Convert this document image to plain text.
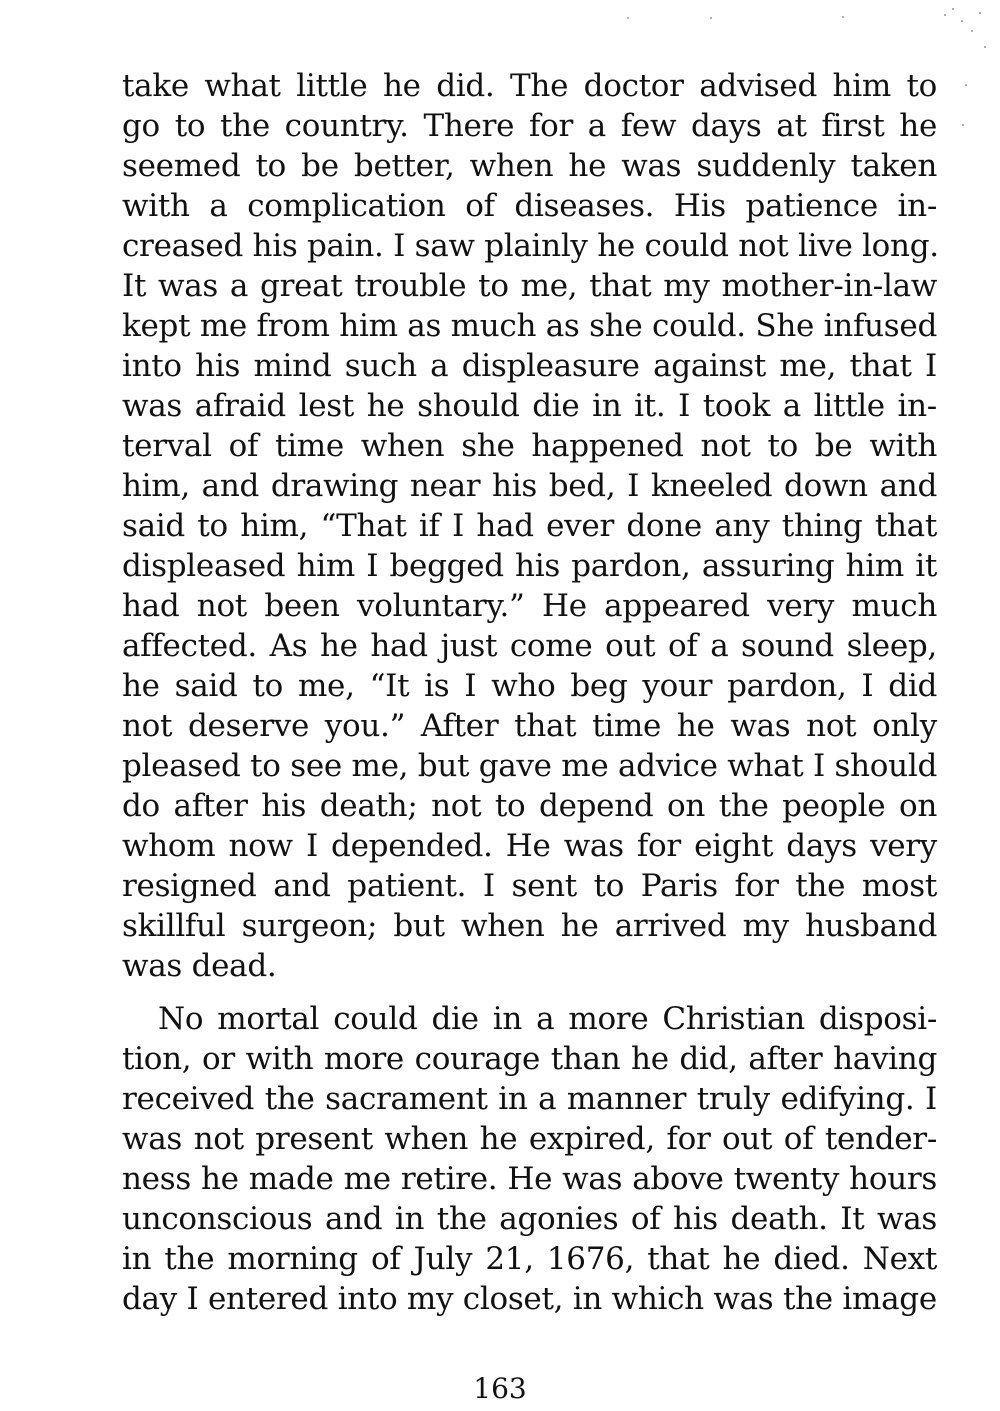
take what little he did. The doctor advised him to
go to the country. There for a few days at first he
seemed to be better, when he was suddenly taken
with a complication of diseases. His patience in-
creased his pain. I saw plainly he could not live long.
It was a great trouble to me, that my mother-in-law
kept me from him as much as she could. She infused
into his mind such a displeasure against me, that I
was afraid lest he should die in it. I took a little in-
terval of time when she happened not to be with
him, and drawing near his bed, I kneeled down and
said to him, “That if I had ever done any thing that
displeased him I begged his pardon, assuring him it
had not been voluntary.” He appeared very much
affected. As he had just come out of a sound sleep,
he said to me, “It is I who beg your pardon, I did
not deserve you.” After that time he was not only
pleased to see me, but gave me advice what I should
do after his death; not to depend on the people on
whom now I depended. He was for eight days very
resigned and patient. I sent to Paris for the most
skillful surgeon; but when he arrived my husband
was dead.
No mortal could die in a more Christian disposi-
tion, or with more courage than he did, after having
received the sacrament in a manner truly edifying. I
was not present when he expired, for out of tender-
ness he made me retire. He was above twenty hours
unconscious and in the agonies of his death. It was
in the morning of July 21, 1676, that he died. Next
day I entered into my closet, in which was the image
163
